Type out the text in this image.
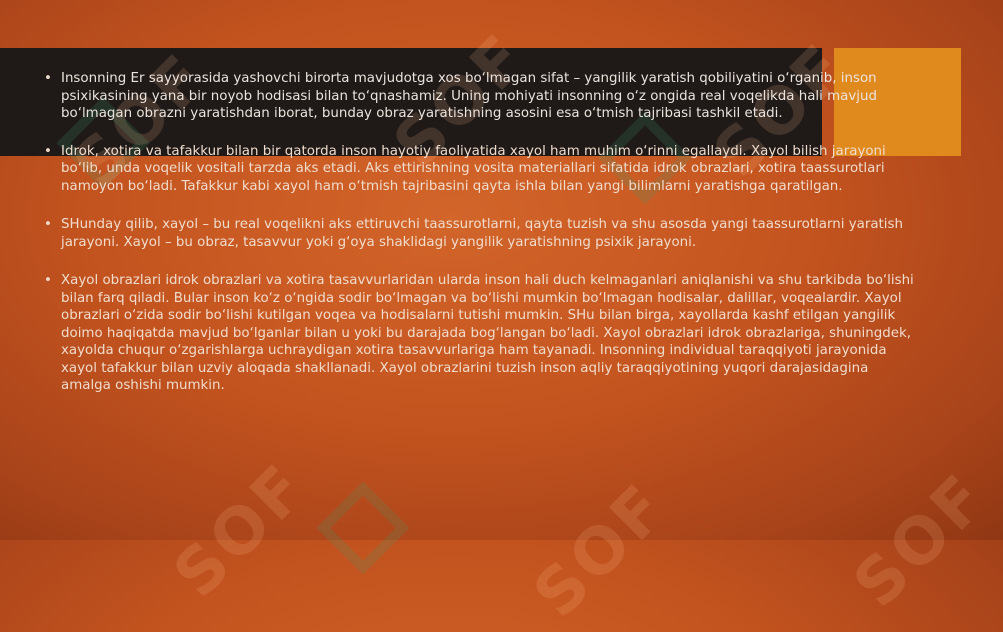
SOF	SOF SOF
• Insonning Er sayyorasida yashovchi birorta mavjudotga xos bo‘lmagan sifat – yangilik yaratish qobiliyatini o‘rganib, inson psixikasining yana bir noyob hodisasi bilan to‘qnashamiz. Uning mohiyati insonning o‘z ongida real voqelikda hali mavjud bo‘lmagan obrazni yaratishdan iborat, bunday obraz yaratishning asosini esa o‘tmish tajribasi tashkil etadi.
• Idrok, xotira va tafakkur bilan bir qatorda inson hayotiy faoliyatida xayol ham muhim o‘rinni egallaydi. Xayol bilish jarayoni bo‘lib, unda voqelik vositali tarzda aks etadi. Aks ettirishning vosita materiallari sifatida idrok obrazlari, xotira taassurotlari namoyon bo‘ladi. Tafakkur kabi xayol ham o‘tmish tajribasini qayta ishla bilan yangi bilimlarni yaratishga qaratilgan.
• SHunday qilib, xayol – bu real voqelikni aks ettiruvchi taassurotlarni, qayta tuzish va shu asosda yangi taassurotlarni yaratish jarayoni. Xayol – bu obraz, tasavvur yoki g‘oya shaklidagi yangilik yaratishning psixik jarayoni.
• Xayol obrazlari idrok obrazlari va xotira tasavvurlaridan ularda inson hali duch kelmaganlari aniqlanishi va shu tarkibda bo‘lishi bilan farq qiladi. Bular inson ko‘z o‘ngida sodir bo‘lmagan va bo‘lishi mumkin bo‘lmagan hodisalar, dalillar, voqealardir. Xayol obrazlari o‘zida sodir bo‘lishi kutilgan voqea va hodisalarni tutishi mumkin. SHu bilan birga, xayollarda kashf etilgan yangilik doimo haqiqatda mavjud bo‘lganlar bilan u yoki bu darajada bog‘langan bo‘ladi. Xayol obrazlari idrok obrazlariga, shuningdek, xayolda chuqur o‘zgarishlarga uchraydigan xotira tasavvurlariga ham tayanadi. Insonning individual taraqqiyoti jarayonida xayol tafakkur bilan uzviy aloqada shakllanadi. Xayol obrazlarini tuzish inson aqliy taraqqiyotining yuqori darajasidagina amalga oshishi mumkin.
